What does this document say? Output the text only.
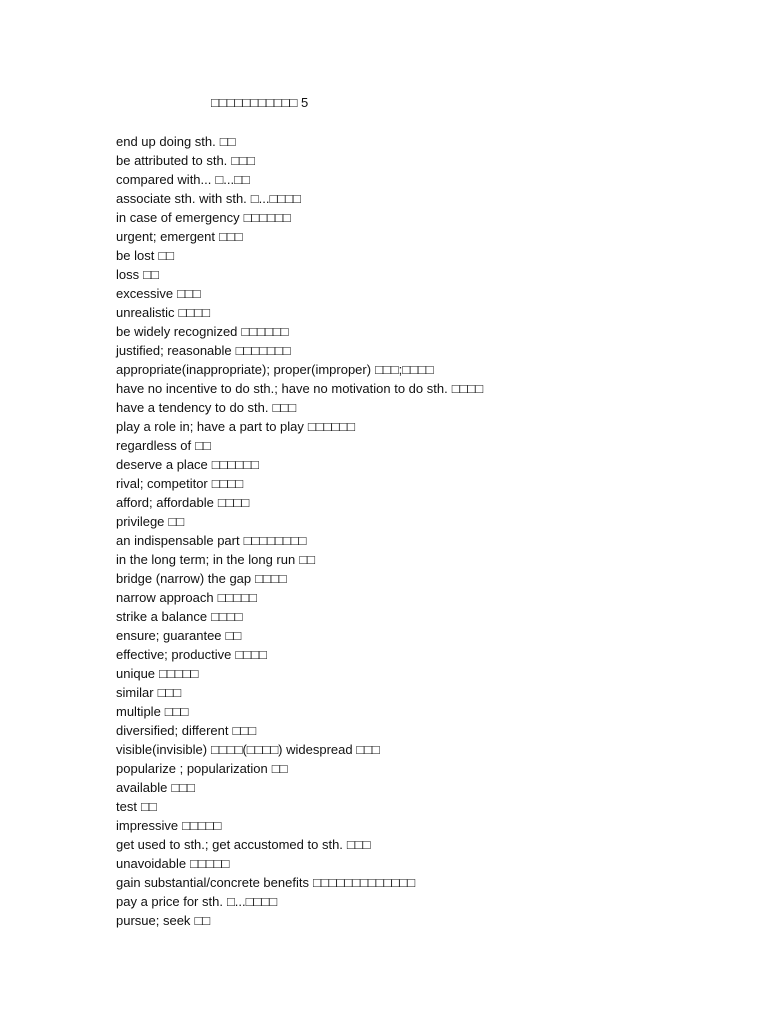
□□□□□□□□□□□ 5
end up doing sth. □□
be attributed to sth. □□□
compared with... □...□□
associate sth. with sth. □...□□□□
in case of emergency □□□□□□
urgent; emergent □□□
be lost □□
loss □□
excessive □□□
unrealistic □□□□
be widely recognized □□□□□□
justified; reasonable □□□□□□□
appropriate(inappropriate); proper(improper) □□□;□□□□
have no incentive to do sth.; have no motivation to do sth. □□□□
have a tendency to do sth. □□□
play a role in; have a part to play □□□□□□
regardless of □□
deserve a place □□□□□□
rival; competitor □□□□
afford; affordable □□□□
privilege □□
an indispensable part □□□□□□□□
in the long term; in the long run □□
bridge (narrow) the gap □□□□
narrow approach □□□□□
strike a balance □□□□
ensure; guarantee □□
effective; productive □□□□
unique □□□□□
similar □□□
multiple □□□
diversified; different □□□
visible(invisible) □□□□(□□□□) widespread □□□
popularize ; popularization □□
available □□□
test □□
impressive □□□□□
get used to sth.; get accustomed to sth. □□□
unavoidable □□□□□
gain substantial/concrete benefits □□□□□□□□□□□□□
pay a price for sth. □...□□□□
pursue; seek □□
